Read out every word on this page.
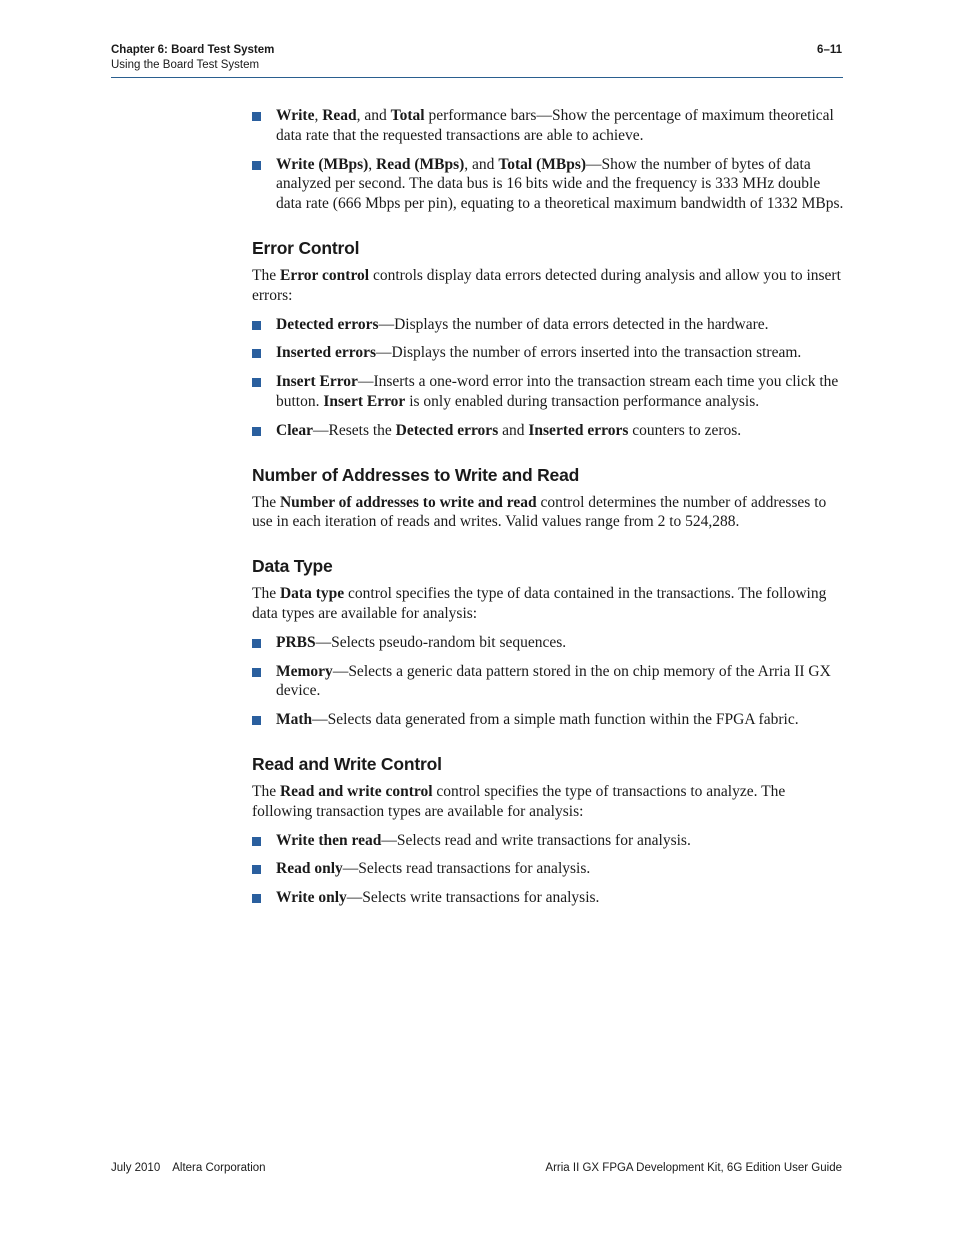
Chapter 6: Board Test System
Using the Board Test System
6–11
Write, Read, and Total performance bars—Show the percentage of maximum theoretical data rate that the requested transactions are able to achieve.
Write (MBps), Read (MBps), and Total (MBps)—Show the number of bytes of data analyzed per second. The data bus is 16 bits wide and the frequency is 333 MHz double data rate (666 Mbps per pin), equating to a theoretical maximum bandwidth of 1332 MBps.
Error Control

The Error control controls display data errors detected during analysis and allow you to insert errors:

Detected errors—Displays the number of data errors detected in the hardware.
Inserted errors—Displays the number of errors inserted into the transaction stream.
Insert Error—Inserts a one-word error into the transaction stream each time you click the button. Insert Error is only enabled during transaction performance analysis.
Clear—Resets the Detected errors and Inserted errors counters to zeros.
Number of Addresses to Write and Read

The Number of addresses to write and read control determines the number of addresses to use in each iteration of reads and writes. Valid values range from 2 to 524,288.

Data Type

The Data type control specifies the type of data contained in the transactions. The following data types are available for analysis:

PRBS—Selects pseudo-random bit sequences.
Memory—Selects a generic data pattern stored in the on chip memory of the Arria II GX device.
Math—Selects data generated from a simple math function within the FPGA fabric.
Read and Write Control

The Read and write control control specifies the type of transactions to analyze. The following transaction types are available for analysis:

Write then read—Selects read and write transactions for analysis.
Read only—Selects read transactions for analysis.
Write only—Selects write transactions for analysis.
July 2010 Altera Corporation	Arria II GX FPGA Development Kit, 6G Edition User Guide
